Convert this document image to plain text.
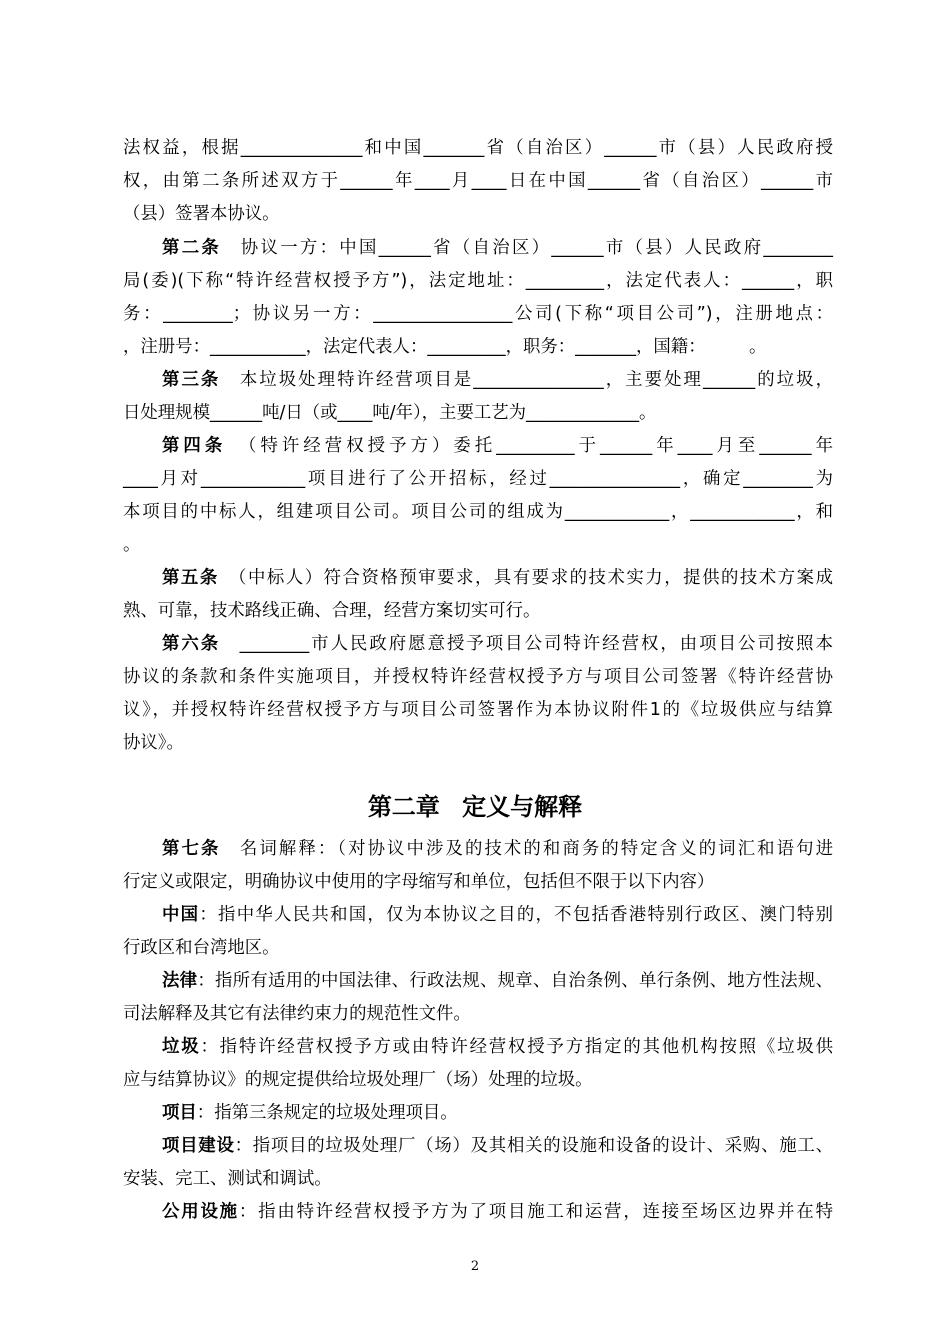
法权益，根据______________和中国_______省（自治区）______市（县）人民政府授
权，由第二条所述双方于______年____月____日在中国______省（自治区）______市
（县）签署本协议。
第二条　 协议一方：中国______省（自治区）______市（县）人民政府________
局(委)(下称“特许经营权授予方”)，法定地址：_________，法定代表人：______，职
务：________；协议另一方：________________公司(下称“项目公司”)，注册地点：
，注册号：___________，法定代表人：_________，职务：_______，国籍：　　　。
第三条　 本垃圾处理特许经营项目是_______________，主要处理______的垃圾，
日处理规模______吨/日（或____吨/年），主要工艺为_____________。
第四条　 （特许经营权授予方）委托_________于______年____月至______年
____月对____________项目进行了公开招标，经过_______________，确定________为
本项目的中标人，组建项目公司。项目公司的组成为____________，____________，和
。
第五条　 （中标人）符合资格预审要求，具有要求的技术实力，提供的技术方案成
熟、可靠，技术路线正确、合理，经营方案切实可行。
第六条　 ________市人民政府愿意授予项目公司特许经营权，由项目公司按照本
协议的条款和条件实施项目，并授权特许经营权授予方与项目公司签署《特许经营协
议》，并授权特许经营权授予方与项目公司签署作为本协议附件1的《垃圾供应与结算
协议》。
第二章 定义与解释
第七条　 名词解释：（对协议中涉及的技术的和商务的特定含义的词汇和语句进
行定义或限定，明确协议中使用的字母缩写和单位，包括但不限于以下内容）
中国：指中华人民共和国，仅为本协议之目的，不包括香港特别行政区、澳门特别
行政区和台湾地区。
法律：指所有适用的中国法律、行政法规、规章、自治条例、单行条例、地方性法规、
司法解释及其它有法律约束力的规范性文件。
垃圾：指特许经营权授予方或由特许经营权授予方指定的其他机构按照《垃圾供
应与结算协议》的规定提供给垃圾处理厂（场）处理的垃圾。
项目：指第三条规定的垃圾处理项目。
项目建设：指项目的垃圾处理厂（场）及其相关的设施和设备的设计、采购、施工、
安装、完工、测试和调试。
公用设施：指由特许经营权授予方为了项目施工和运营，连接至场区边界并在特
2
